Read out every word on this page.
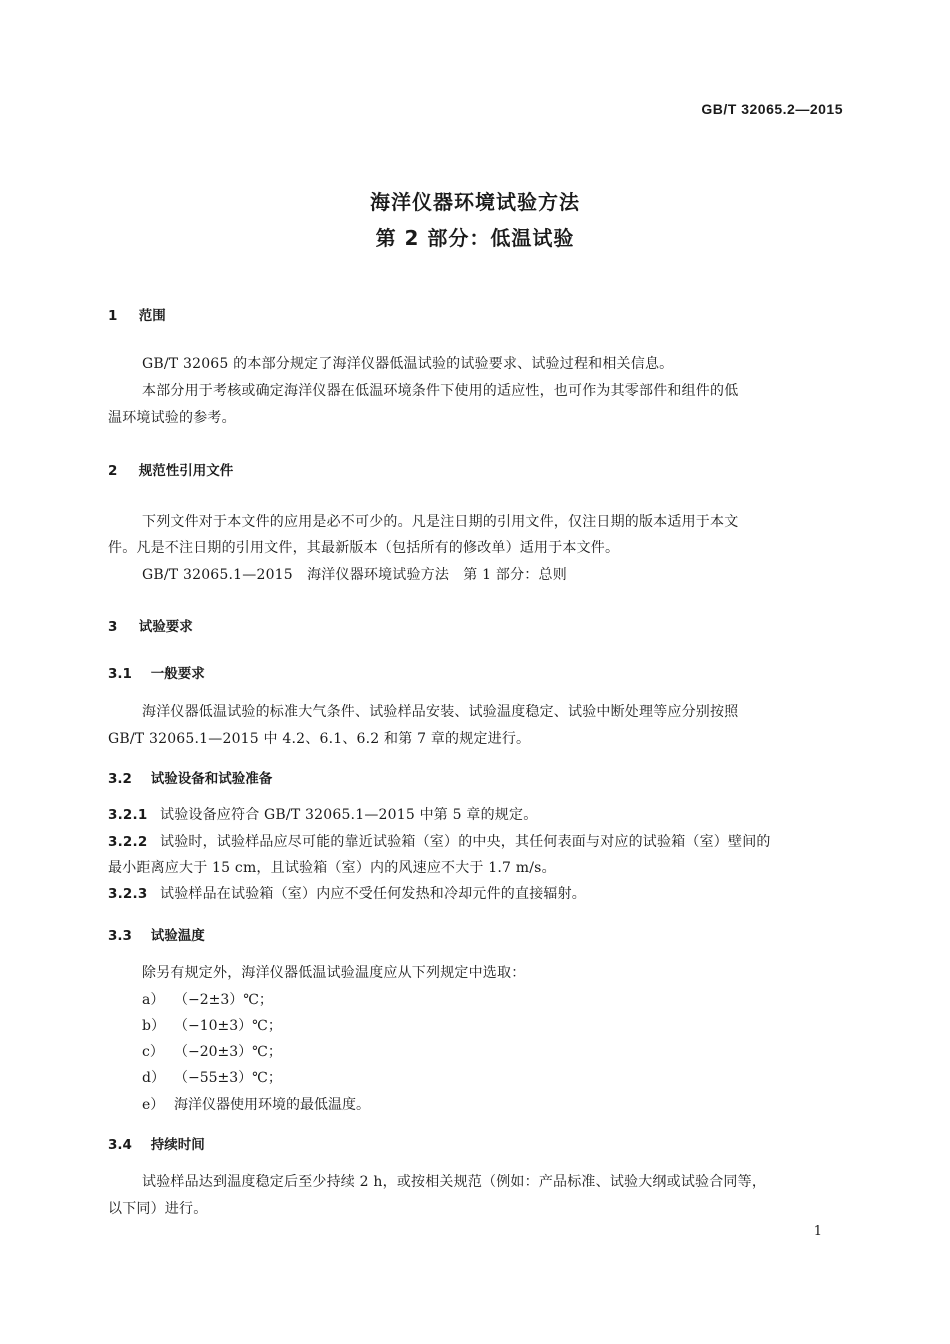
GB/T 32065.2—2015
海洋仪器环境试验方法
第 2 部分：低温试验
1 范围
GB/T 32065 的本部分规定了海洋仪器低温试验的试验要求、试验过程和相关信息。
本部分用于考核或确定海洋仪器在低温环境条件下使用的适应性，也可作为其零部件和组件的低
温环境试验的参考。
2 规范性引用文件
下列文件对于本文件的应用是必不可少的。凡是注日期的引用文件，仅注日期的版本适用于本文
件。凡是不注日期的引用文件，其最新版本（包括所有的修改单）适用于本文件。
GB/T 32065.1—2015　海洋仪器环境试验方法　第 1 部分：总则
3 试验要求
3.1 一般要求
海洋仪器低温试验的标准大气条件、试验样品安装、试验温度稳定、试验中断处理等应分别按照
GB/T 32065.1—2015 中 4.2、6.1、6.2 和第 7 章的规定进行。
3.2 试验设备和试验准备
3.2.1 试验设备应符合 GB/T 32065.1—2015 中第 5 章的规定。
3.2.2 试验时，试验样品应尽可能的靠近试验箱（室）的中央，其任何表面与对应的试验箱（室）壁间的
最小距离应大于 15 cm，且试验箱（室）内的风速应不大于 1.7 m/s。
3.2.3 试验样品在试验箱（室）内应不受任何发热和冷却元件的直接辐射。
3.3 试验温度
除另有规定外，海洋仪器低温试验温度应从下列规定中选取：
a） （−2±3）℃；
b） （−10±3）℃；
c） （−20±3）℃；
d） （−55±3）℃；
e） 海洋仪器使用环境的最低温度。
3.4 持续时间
试验样品达到温度稳定后至少持续 2 h，或按相关规范（例如：产品标准、试验大纲或试验合同等，
以下同）进行。
1
